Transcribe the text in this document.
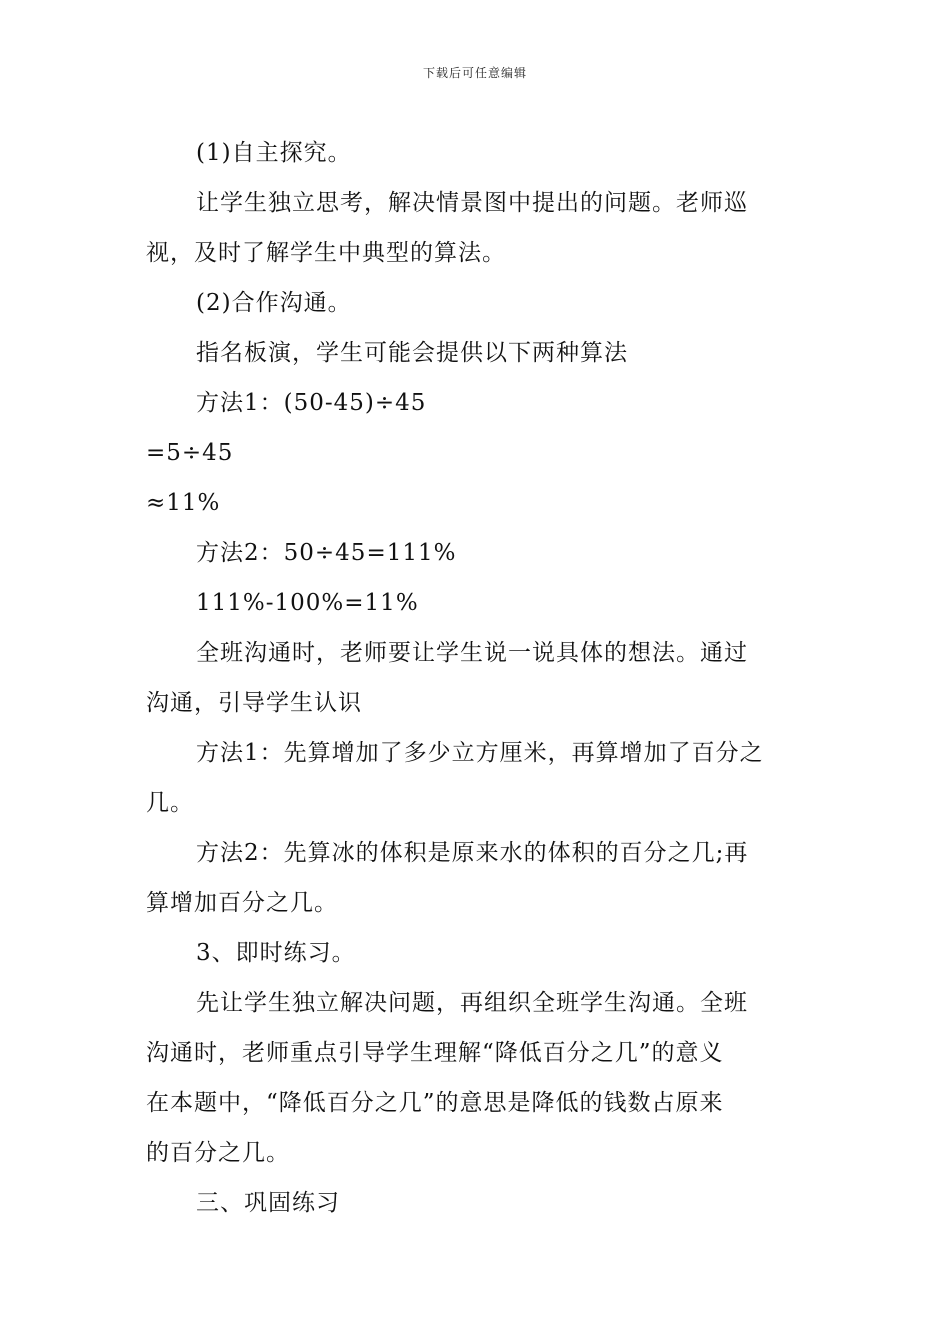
下载后可任意编辑
(1)自主探究。
让学生独立思考，解决情景图中提出的问题。老师巡
视，及时了解学生中典型的算法。
(2)合作沟通。
指名板演，学生可能会提供以下两种算法
方法1：(50-45)÷45
=5÷45
≈11%
方法2：50÷45=111%
111%-100%=11%
全班沟通时，老师要让学生说一说具体的想法。通过
沟通，引导学生认识
方法1：先算增加了多少立方厘米，再算增加了百分之
几。
方法2：先算冰的体积是原来水的体积的百分之几;再
算增加百分之几。
3、即时练习。
先让学生独立解决问题，再组织全班学生沟通。全班
沟通时，老师重点引导学生理解“降低百分之几”的意义
在本题中，“降低百分之几”的意思是降低的钱数占原来
的百分之几。
三、巩固练习
